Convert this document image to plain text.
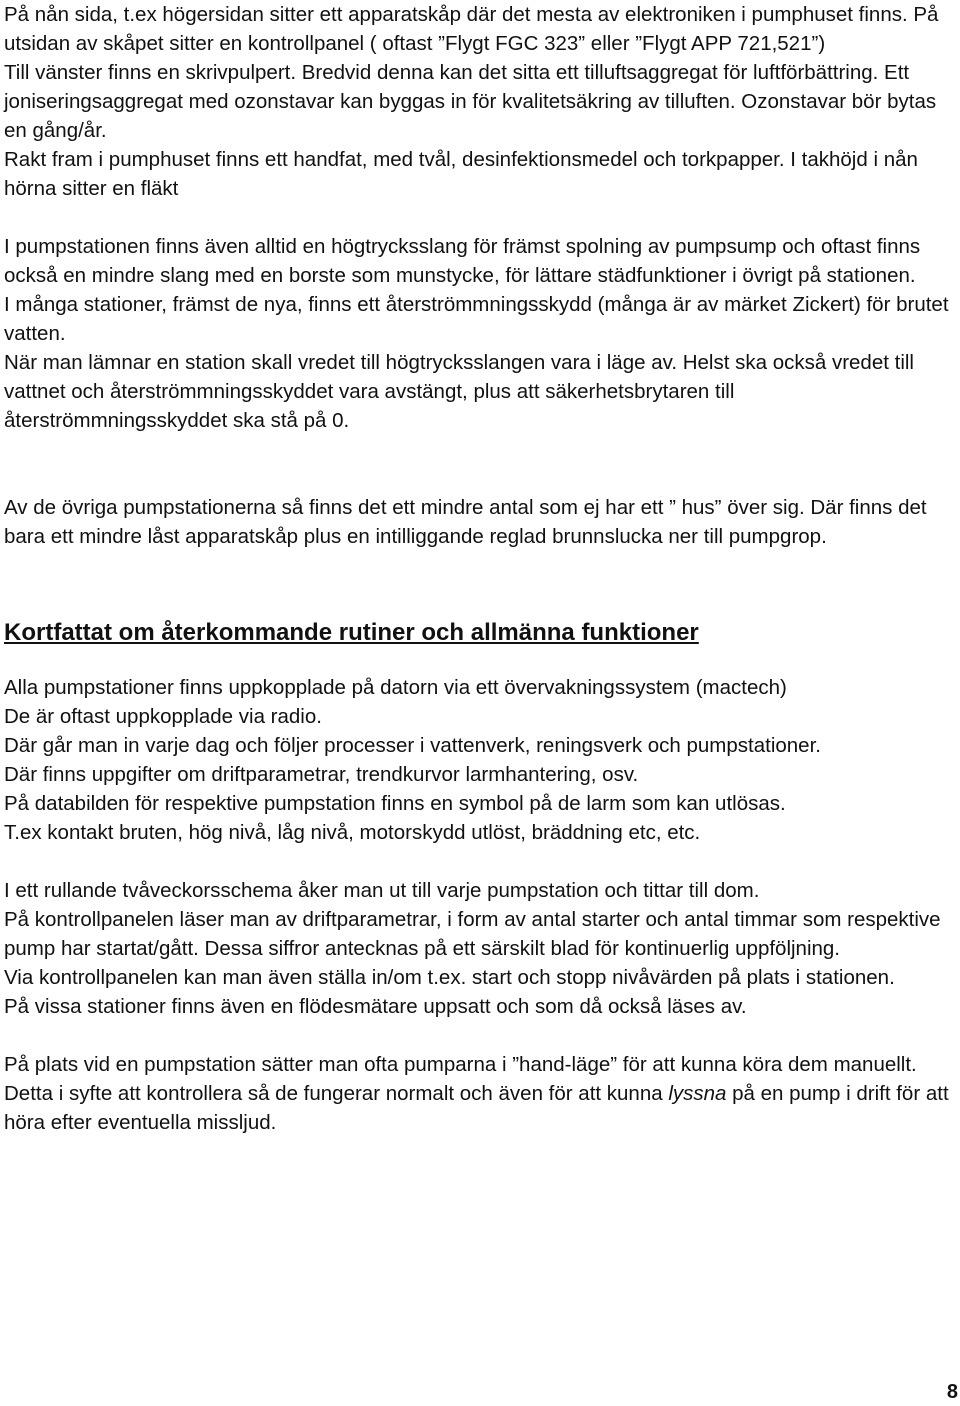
På nån sida, t.ex högersidan sitter ett apparatskåp där det mesta av elektroniken i pumphuset finns. På utsidan av skåpet sitter en kontrollpanel ( oftast ”Flygt FGC 323” eller ”Flygt APP 721,521”)

Till vänster finns en skrivpulpert. Bredvid denna kan det sitta ett tilluftsaggregat för luftförbättring. Ett joniseringsaggregat med ozonstavar kan byggas in för kvalitetsäkring av tilluften. Ozonstavar bör bytas en gång/år.

Rakt fram i pumphuset finns ett handfat, med tvål, desinfektionsmedel och torkpapper. I takhöjd i nån hörna sitter en fläkt

I pumpstationen finns även alltid en högtrycksslang för främst spolning av pumpsump och oftast finns också en mindre slang med en borste som munstycke, för lättare städfunktioner i övrigt på stationen.

I många stationer, främst de nya, finns ett återströmmningsskydd (många är av märket Zickert) för brutet vatten.

När man lämnar en station skall vredet till högtrycksslangen vara i läge av. Helst ska också vredet till vattnet och återströmmningsskyddet vara avstängt, plus att säkerhetsbrytaren till återströmmningsskyddet ska stå på 0.

Av de övriga pumpstationerna så finns det ett mindre antal som ej har ett ” hus” över sig. Där finns det bara ett mindre låst apparatskåp plus en intilliggande reglad brunnslucka ner till pumpgrop.

Kortfattat om återkommande rutiner och allmänna funktioner

Alla pumpstationer finns uppkopplade på datorn via ett övervakningssystem (mactech)

De är oftast uppkopplade via radio.

Där går man in varje dag och följer processer i vattenverk, reningsverk och pumpstationer.

Där finns uppgifter om driftparametrar, trendkurvor larmhantering, osv.

På databilden för respektive pumpstation finns en symbol på de larm som kan utlösas.

T.ex kontakt bruten, hög nivå, låg nivå, motorskydd utlöst, bräddning etc, etc.

I ett rullande tvåveckorsschema åker man ut till varje pumpstation och tittar till dom.

På kontrollpanelen läser man av driftparametrar, i form av antal starter och antal timmar som respektive pump har startat/gått. Dessa siffror antecknas på ett särskilt blad för kontinuerlig uppföljning.

Via kontrollpanelen kan man även ställa in/om t.ex. start och stopp nivåvärden på plats i stationen.

På vissa stationer finns även en flödesmätare uppsatt och som då också läses av.

På plats vid en pumpstation sätter man ofta pumparna i ”hand-läge” för att kunna köra dem manuellt. Detta i syfte att kontrollera så de fungerar normalt och även för att kunna lyssna på en pump i drift för att höra efter eventuella missljud.

8
